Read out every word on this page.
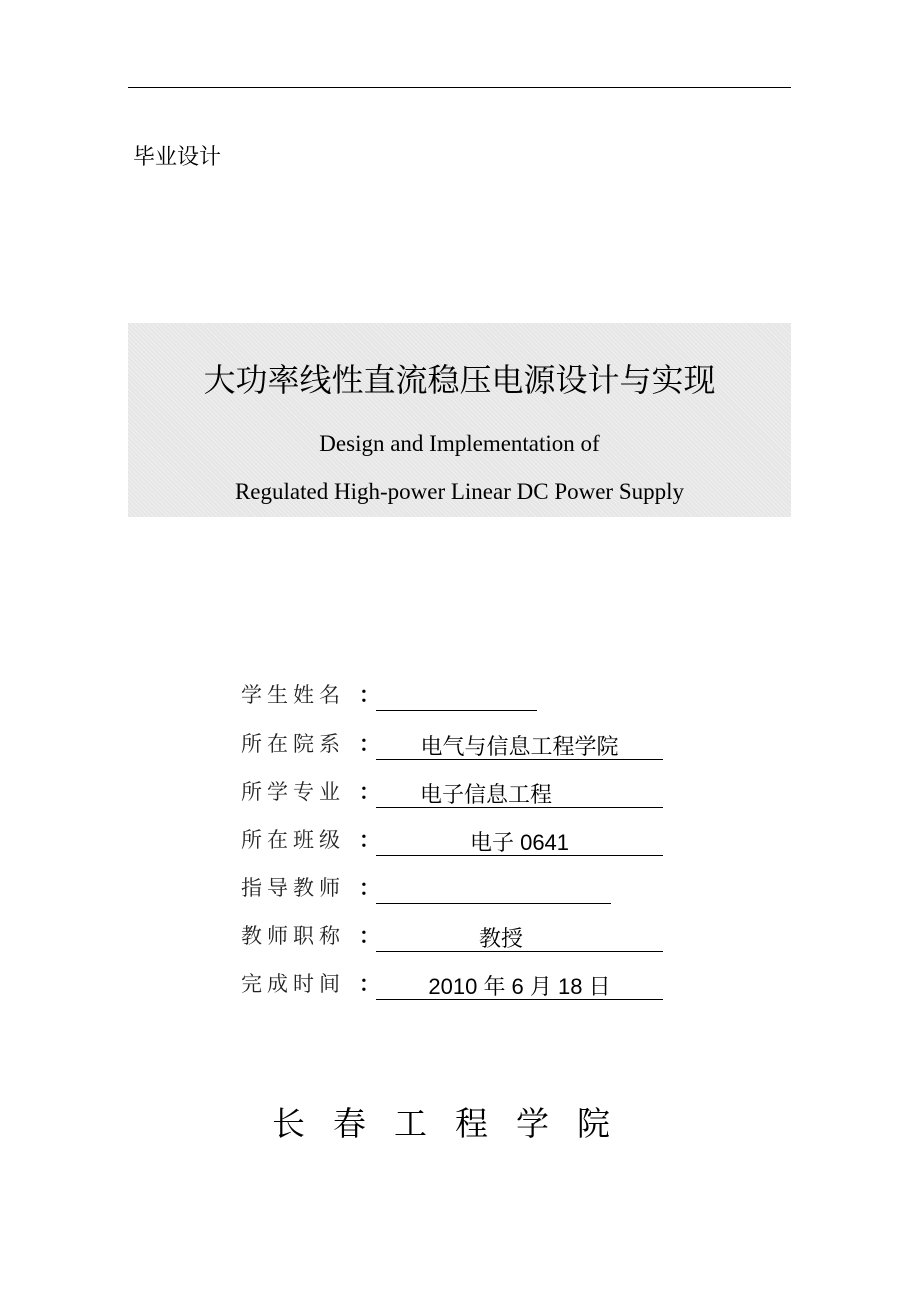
毕业设计
大功率线性直流稳压电源设计与实现
Design and Implementation of
Regulated High-power Linear DC Power Supply
学生姓名 ：
所在院系 ：	电气与信息工程学院
所学专业 ：	电子信息工程
所在班级 ：	电子 0641
指导教师 ：
教师职称 ：	教授
完成时间 ：	2010 年 6 月 18 日
长春工程学院
